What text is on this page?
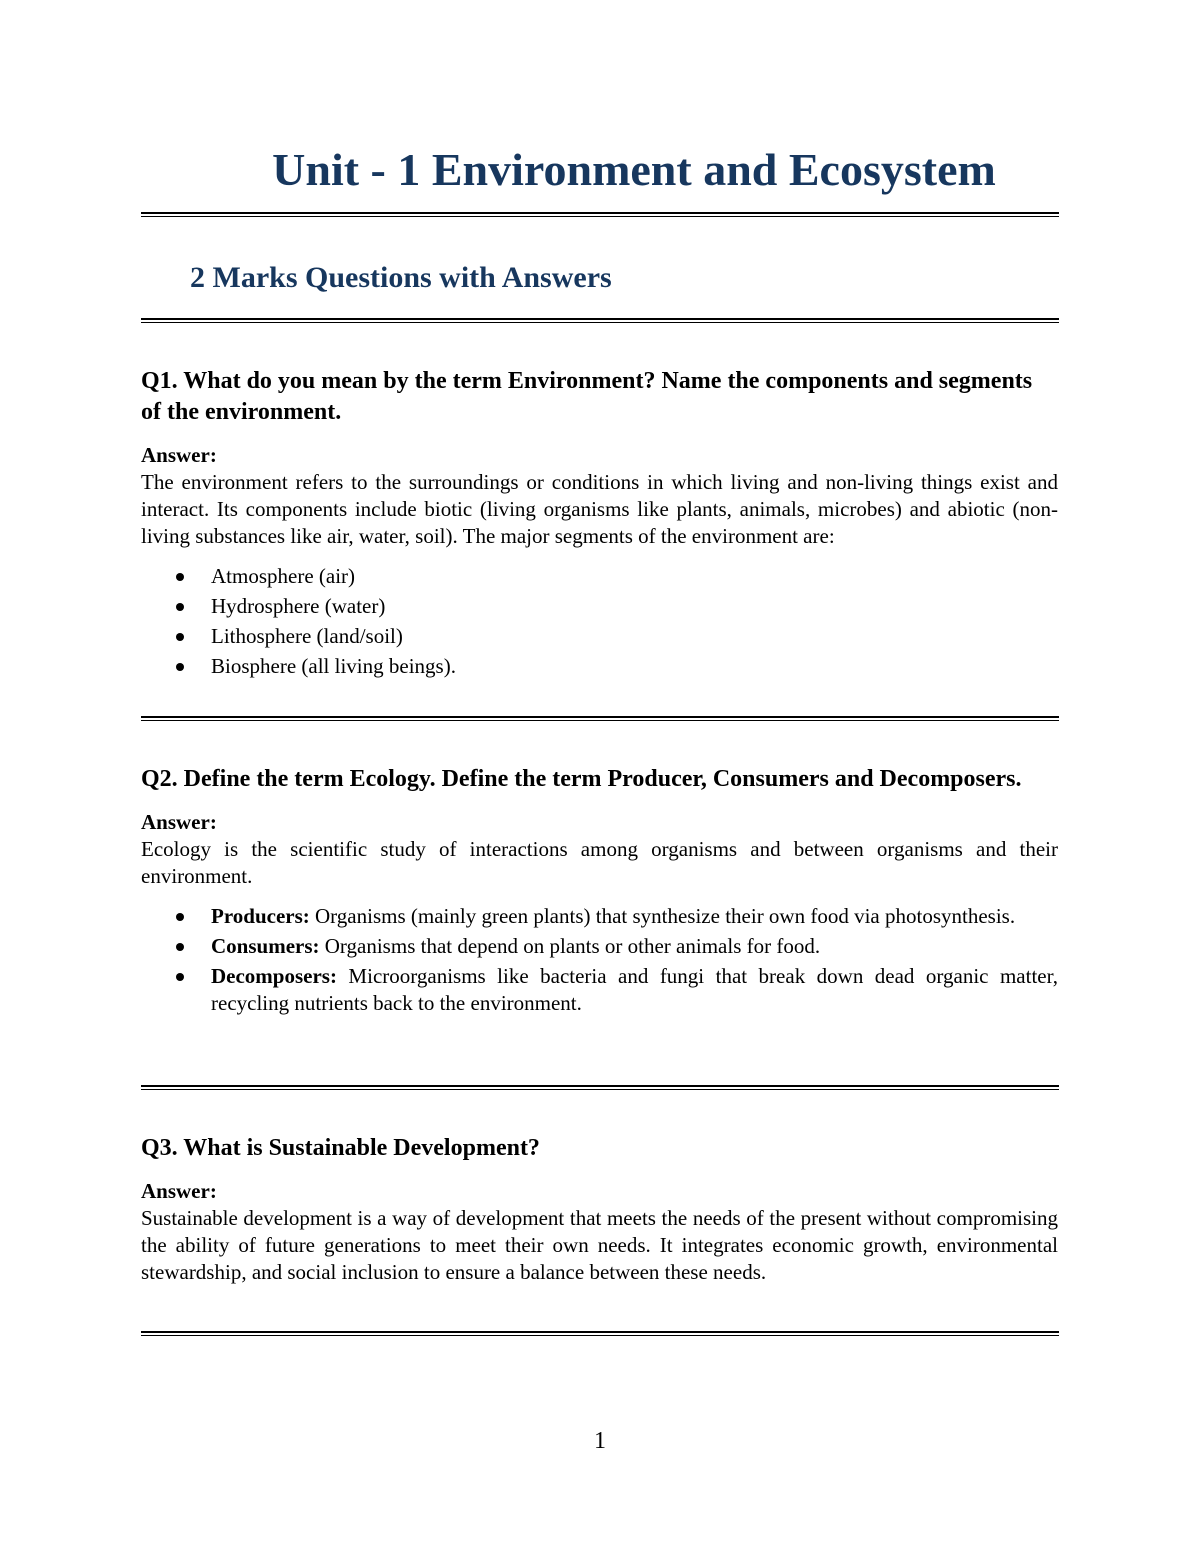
Unit - 1 Environment and Ecosystem
2 Marks Questions with Answers

Q1. What do you mean by the term Environment? Name the components and segments of the environment.

Answer:

The environment refers to the surroundings or conditions in which living and non-living things exist and interact. Its components include biotic (living organisms like plants, animals, microbes) and abiotic (non-living substances like air, water, soil). The major segments of the environment are:

Atmosphere (air)
Hydrosphere (water)
Lithosphere (land/soil)
Biosphere (all living beings).

Q2. Define the term Ecology. Define the term Producer, Consumers and Decomposers.

Answer:

Ecology is the scientific study of interactions among organisms and between organisms and their environment.

Producers: Organisms (mainly green plants) that synthesize their own food via photosynthesis.
Consumers: Organisms that depend on plants or other animals for food.
Decomposers: Microorganisms like bacteria and fungi that break down dead organic matter, recycling nutrients back to the environment.

Q3. What is Sustainable Development?

Answer:

Sustainable development is a way of development that meets the needs of the present without compromising the ability of future generations to meet their own needs. It integrates economic growth, environmental stewardship, and social inclusion to ensure a balance between these needs.

1
